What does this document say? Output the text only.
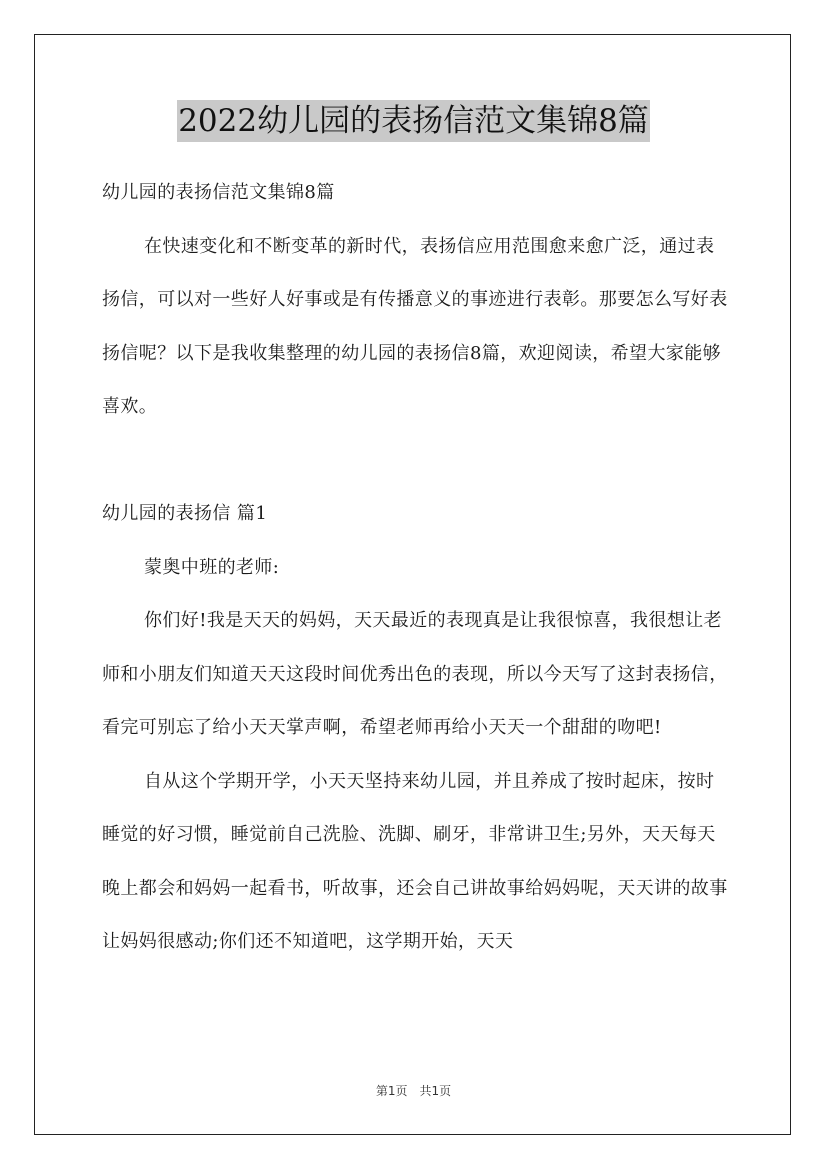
2022幼儿园的表扬信范文集锦8篇

幼儿园的表扬信范文集锦8篇

在快速变化和不断变革的新时代，表扬信应用范围愈来愈广泛，通过表扬信，可以对一些好人好事或是有传播意义的事迹进行表彰。那要怎么写好表扬信呢？以下是我收集整理的幼儿园的表扬信8篇，欢迎阅读，希望大家能够喜欢。

幼儿园的表扬信 篇1

蒙奥中班的老师:

你们好!我是天天的妈妈，天天最近的表现真是让我很惊喜，我很想让老师和小朋友们知道天天这段时间优秀出色的表现，所以今天写了这封表扬信，看完可别忘了给小天天掌声啊，希望老师再给小天天一个甜甜的吻吧!

自从这个学期开学，小天天坚持来幼儿园，并且养成了按时起床，按时睡觉的好习惯，睡觉前自己洗脸、洗脚、刷牙，非常讲卫生;另外，天天每天晚上都会和妈妈一起看书，听故事，还会自己讲故事给妈妈呢，天天讲的故事让妈妈很感动;你们还不知道吧，这学期开始，天天

第1页　共1页
